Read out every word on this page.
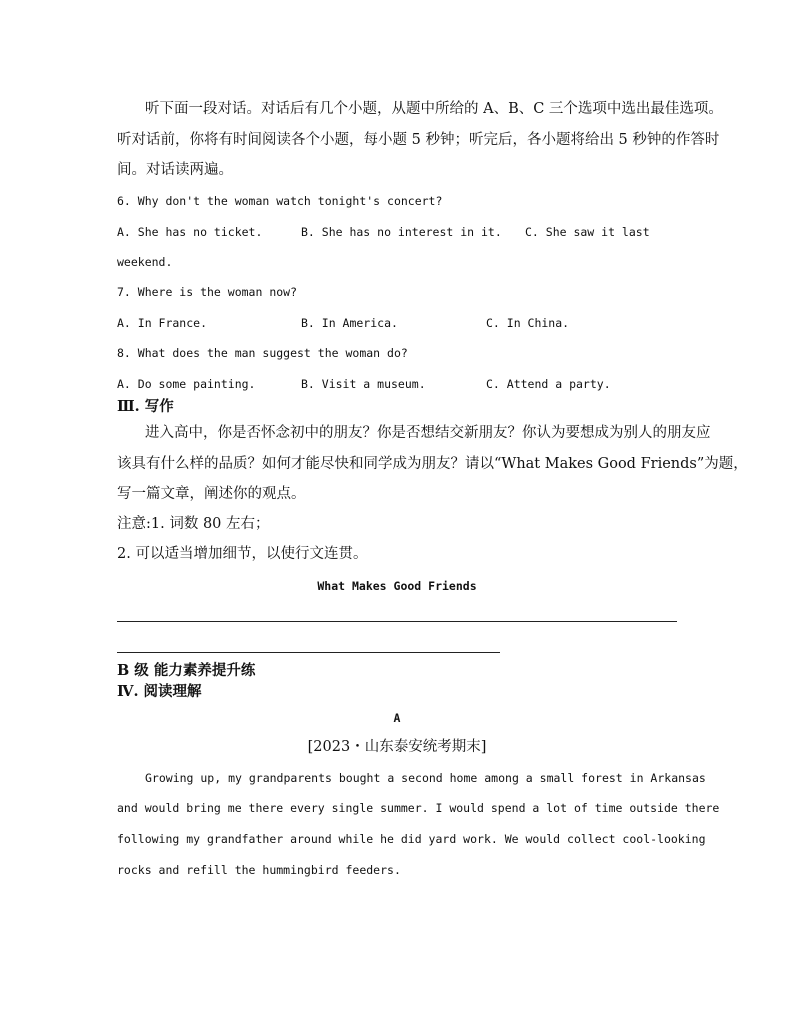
听下面一段对话。对话后有几个小题，从题中所给的 A、B、C 三个选项中选出最佳选项。
听对话前，你将有时间阅读各个小题，每小题 5 秒钟；听完后，各小题将给出 5 秒钟的作答时
间。对话读两遍。
6. Why don't the woman watch tonight's concert?
A. She has no ticket.	B. She has no interest in it. C. She saw it last
weekend.
7. Where is the woman now?
A. In France.	B. In America.	C. In China.
8. What does the man suggest the woman do?
A. Do some painting.	B. Visit a museum.	C. Attend a party.
Ⅲ. 写作
进入高中，你是否怀念初中的朋友？你是否想结交新朋友？你认为要想成为别人的朋友应
该具有什么样的品质？如何才能尽快和同学成为朋友？请以“What Makes Good Friends”为题，
写一篇文章，阐述你的观点。
注意:1. 词数 80 左右；
2. 可以适当增加细节，以使行文连贯。
What Makes Good Friends
B 级 能力素养提升练
Ⅳ. 阅读理解
A
[2023・山东泰安统考期末]
Growing up, my grandparents bought a second home among a small forest in Arkansas
and would bring me there every single summer. I would spend a lot of time outside there
following my grandfather around while he did yard work. We would collect cool-looking
rocks and refill the hummingbird feeders.
